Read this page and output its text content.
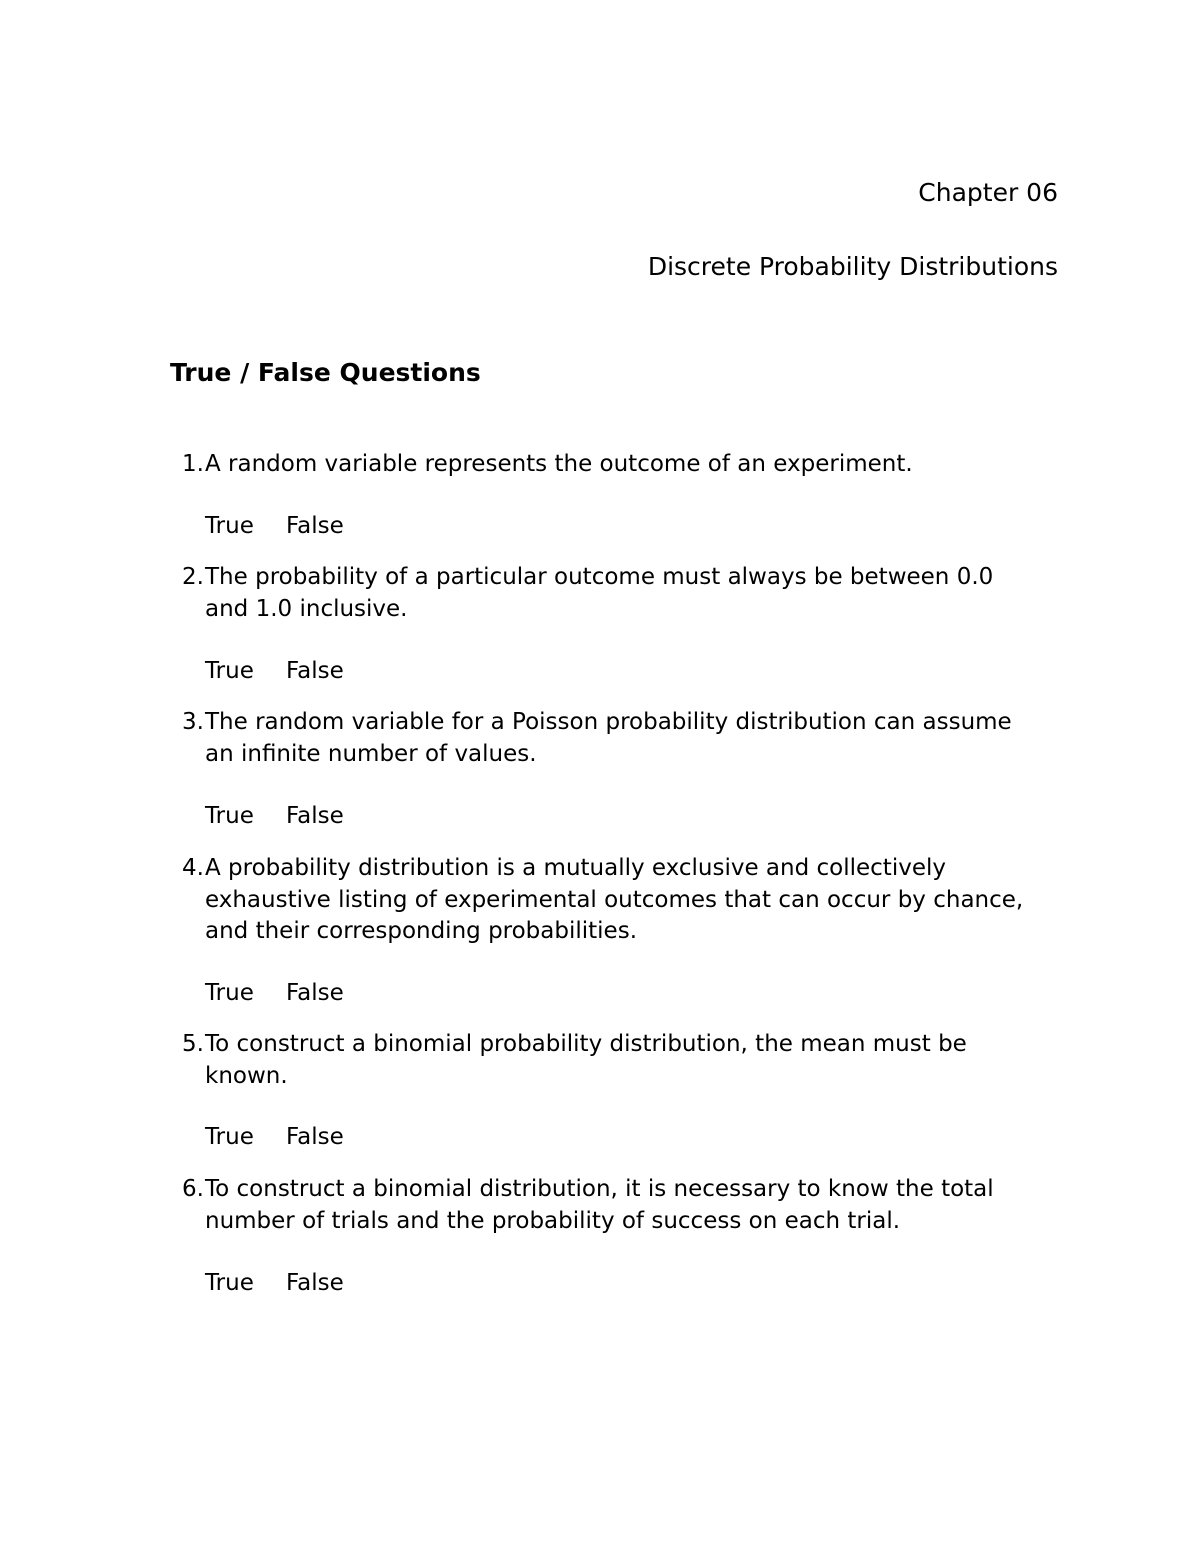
Chapter 06
Discrete Probability Distributions
True / False Questions
1. A random variable represents the outcome of an experiment.
True False
2. The probability of a particular outcome must always be between 0.0
and 1.0 inclusive.
True False
3. The random variable for a Poisson probability distribution can assume
an infinite number of values.
True False
4. A probability distribution is a mutually exclusive and collectively
exhaustive listing of experimental outcomes that can occur by chance,
and their corresponding probabilities.
True False
5. To construct a binomial probability distribution, the mean must be
known.
True False
6. To construct a binomial distribution, it is necessary to know the total
number of trials and the probability of success on each trial.
True False
